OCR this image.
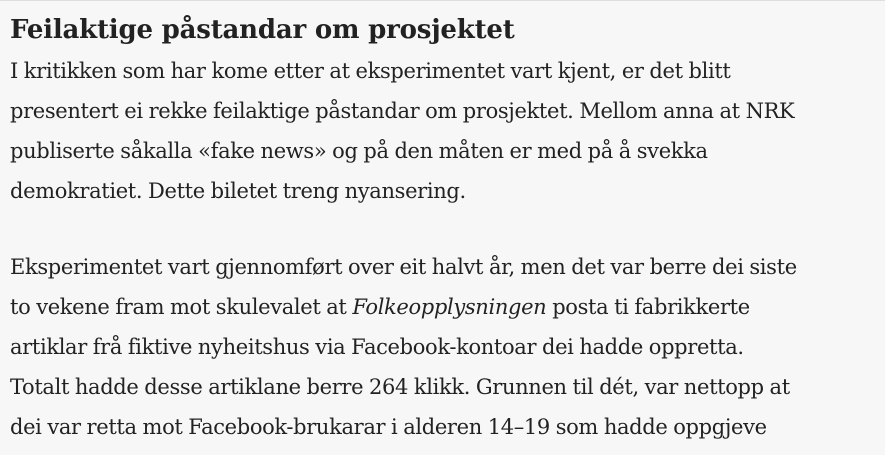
Feilaktige påstandar om prosjektet

I kritikken som har kome etter at eksperimentet vart kjent, er det blitt
presentert ei rekke feilaktige påstandar om prosjektet. Mellom anna at NRK
publiserte såkalla «fake news» og på den måten er med på å svekka
demokratiet. Dette biletet treng nyansering.

Eksperimentet vart gjennomført over eit halvt år, men det var berre dei siste
to vekene fram mot skulevalet at Folkeopplysningen posta ti fabrikkerte
artiklar frå fiktive nyheitshus via Facebook-kontoar dei hadde oppretta.
Totalt hadde desse artiklane berre 264 klikk. Grunnen til dét, var nettopp at
dei var retta mot Facebook-brukarar i alderen 14–19 som hadde oppgjeve
